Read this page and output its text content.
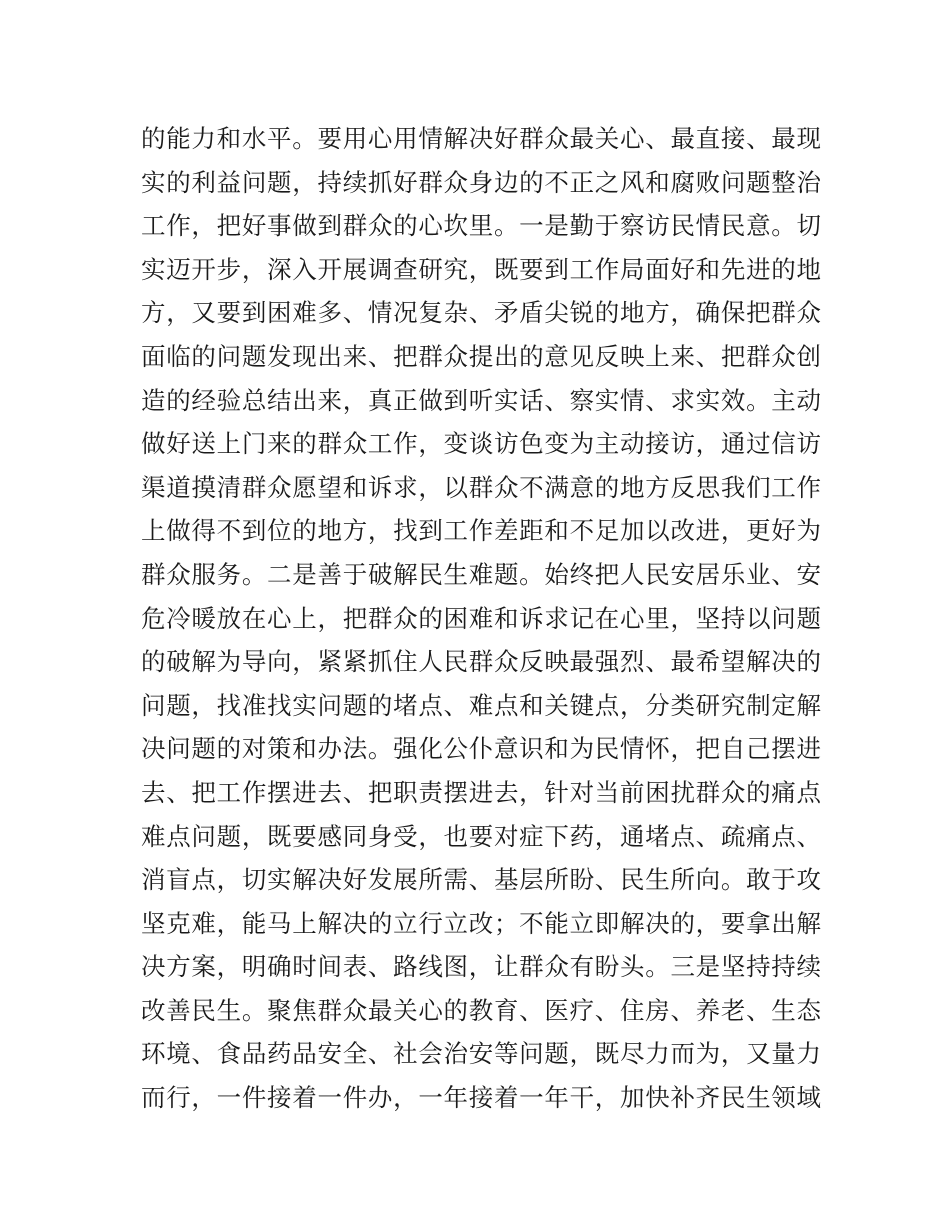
的能力和水平。要用心用情解决好群众最关心、最直接、最现
实的利益问题，持续抓好群众身边的不正之风和腐败问题整治
工作，把好事做到群众的心坎里。一是勤于察访民情民意。切
实迈开步，深入开展调查研究，既要到工作局面好和先进的地
方，又要到困难多、情况复杂、矛盾尖锐的地方，确保把群众
面临的问题发现出来、把群众提出的意见反映上来、把群众创
造的经验总结出来，真正做到听实话、察实情、求实效。主动
做好送上门来的群众工作，变谈访色变为主动接访，通过信访
渠道摸清群众愿望和诉求，以群众不满意的地方反思我们工作
上做得不到位的地方，找到工作差距和不足加以改进，更好为
群众服务。二是善于破解民生难题。始终把人民安居乐业、安
危冷暖放在心上，把群众的困难和诉求记在心里，坚持以问题
的破解为导向，紧紧抓住人民群众反映最强烈、最希望解决的
问题，找准找实问题的堵点、难点和关键点，分类研究制定解
决问题的对策和办法。强化公仆意识和为民情怀，把自己摆进
去、把工作摆进去、把职责摆进去，针对当前困扰群众的痛点
难点问题，既要感同身受，也要对症下药，通堵点、疏痛点、
消盲点，切实解决好发展所需、基层所盼、民生所向。敢于攻
坚克难，能马上解决的立行立改；不能立即解决的，要拿出解
决方案，明确时间表、路线图，让群众有盼头。三是坚持持续
改善民生。聚焦群众最关心的教育、医疗、住房、养老、生态
环境、食品药品安全、社会治安等问题，既尽力而为，又量力
而行，一件接着一件办，一年接着一年干，加快补齐民生领域
